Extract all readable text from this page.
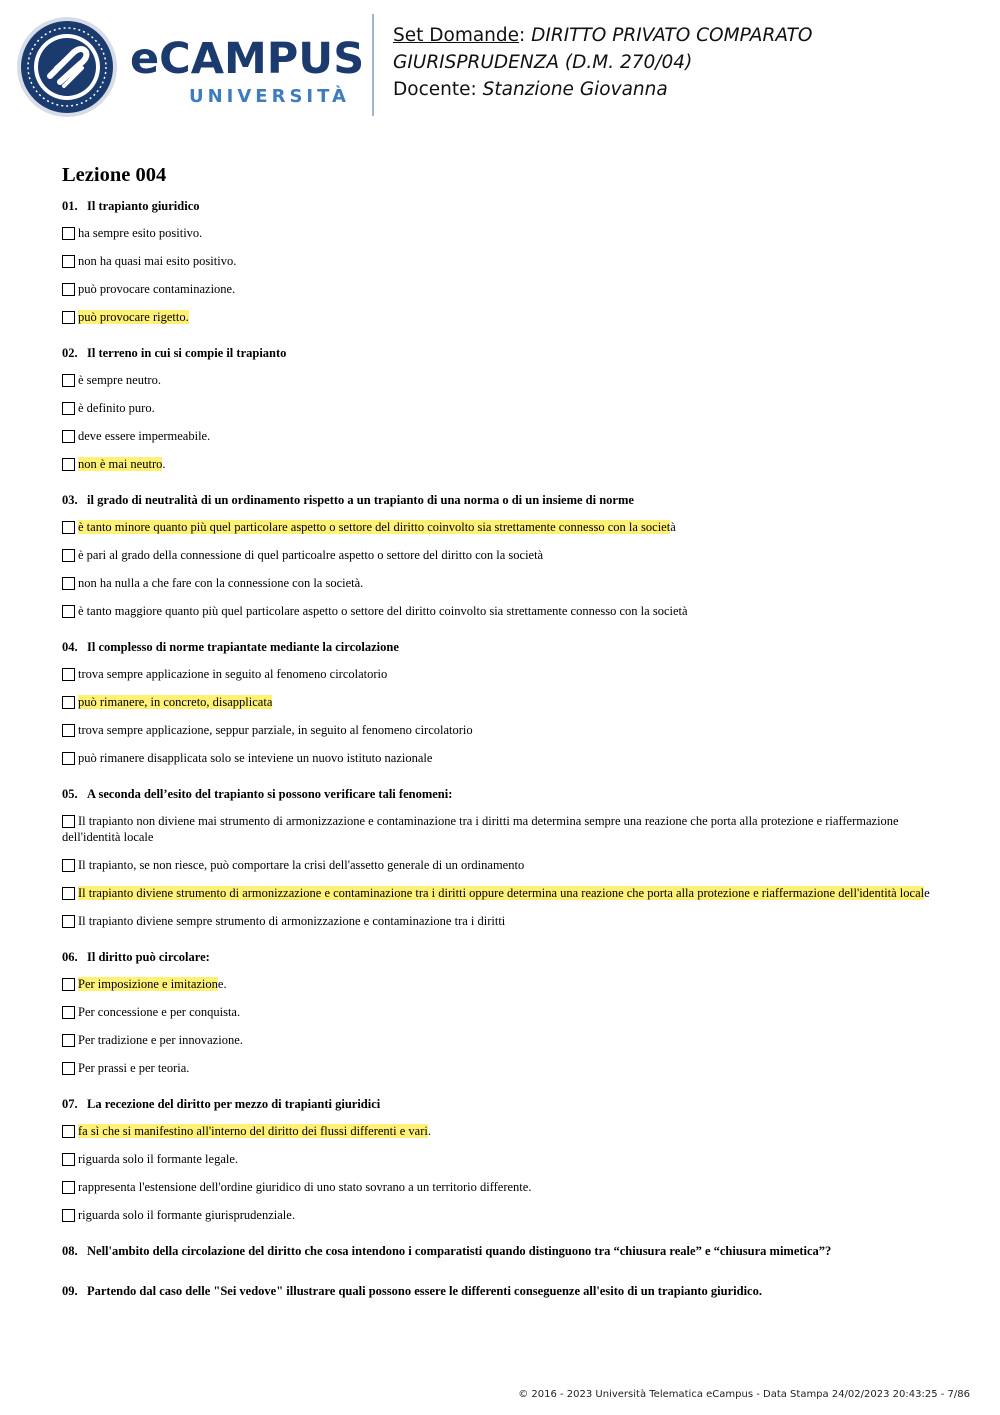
eCAMPUS
UNIVERSITÀ
Set Domande: DIRITTO PRIVATO COMPARATO
GIURISPRUDENZA (D.M. 270/04)
Docente: Stanzione Giovanna
Lezione 004
01. Il trapianto giuridico
ha sempre esito positivo.
non ha quasi mai esito positivo.
può provocare contaminazione.
può provocare rigetto.
02. Il terreno in cui si compie il trapianto
è sempre neutro.
è definito puro.
deve essere impermeabile.
non è mai neutro.
03. il grado di neutralità di un ordinamento rispetto a un trapianto di una norma o di un insieme di norme
è tanto minore quanto più quel particolare aspetto o settore del diritto coinvolto sia strettamente connesso con la società
è pari al grado della connessione di quel particoalre aspetto o settore del diritto con la società
non ha nulla a che fare con la connessione con la società.
è tanto maggiore quanto più quel particolare aspetto o settore del diritto coinvolto sia strettamente connesso con la società
04. Il complesso di norme trapiantate mediante la circolazione
trova sempre applicazione in seguito al fenomeno circolatorio
può rimanere, in concreto, disapplicata
trova sempre applicazione, seppur parziale, in seguito al fenomeno circolatorio
può rimanere disapplicata solo se inteviene un nuovo istituto nazionale
05. A seconda dell’esito del trapianto si possono verificare tali fenomeni:
Il trapianto non diviene mai strumento di armonizzazione e contaminazione tra i diritti ma determina sempre una reazione che porta alla protezione e riaffermazione dell'identità locale
Il trapianto, se non riesce, può comportare la crisi dell'assetto generale di un ordinamento
Il trapianto diviene strumento di armonizzazione e contaminazione tra i diritti oppure determina una reazione che porta alla protezione e riaffermazione dell'identità locale
Il trapianto diviene sempre strumento di armonizzazione e contaminazione tra i diritti
06. Il diritto può circolare:
Per imposizione e imitazione.
Per concessione e per conquista.
Per tradizione e per innovazione.
Per prassi e per teoria.
07. La recezione del diritto per mezzo di trapianti giuridici
fa sì che si manifestino all'interno del diritto dei flussi differenti e vari.
riguarda solo il formante legale.
rappresenta l'estensione dell'ordine giuridico di uno stato sovrano a un territorio differente.
riguarda solo il formante giurisprudenziale.
08. Nell'ambito della circolazione del diritto che cosa intendono i comparatisti quando distinguono tra “chiusura reale” e “chiusura mimetica”?
09. Partendo dal caso delle "Sei vedove" illustrare quali possono essere le differenti conseguenze all'esito di un trapianto giuridico.
© 2016 - 2023 Università Telematica eCampus - Data Stampa 24/02/2023 20:43:25 - 7/86
